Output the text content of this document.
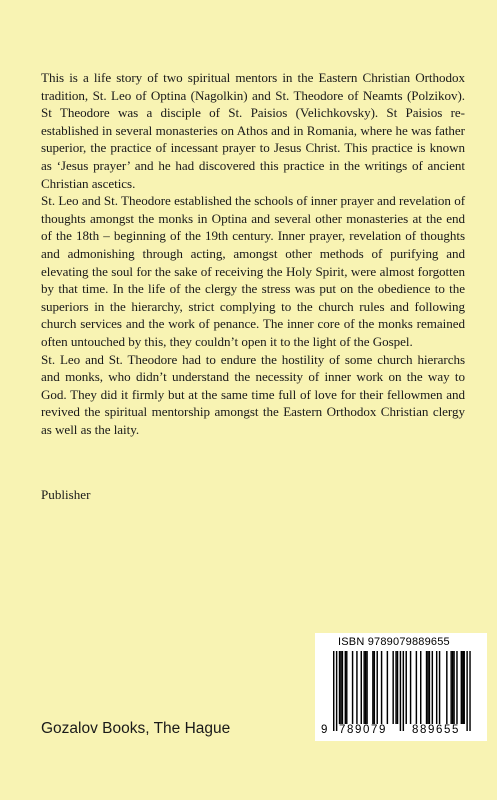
This is a life story of two spiritual mentors in the Eastern Christian Orthodox tradition, St. Leo of Optina (Nagolkin) and St. Theodore of Neamts (Polzikov). St Theodore was a disciple of St. Paisios (Velichkovsky). St Paisios re-established in several monasteries on Athos and in Romania, where he was father superior, the practice of incessant prayer to Jesus Christ. This practice is known as ‘Jesus prayer’ and he had discovered this practice in the writings of ancient Christian ascetics.

St. Leo and St. Theodore established the schools of inner prayer and revelation of thoughts amongst the monks in Optina and several other monasteries at the end of the 18th – beginning of the 19th century. Inner prayer, revelation of thoughts and admonishing through acting, amongst other methods of purifying and elevating the soul for the sake of receiving the Holy Spirit, were almost forgotten by that time. In the life of the clergy the stress was put on the obedience to the superiors in the hierarchy, strict complying to the church rules and following church services and the work of penance. The inner core of the monks remained often untouched by this, they couldn’t open it to the light of the Gospel.

St. Leo and St. Theodore had to endure the hostility of some church hierarchs and monks, who didn’t understand the necessity of inner work on the way to God. They did it firmly but at the same time full of love for their fellowmen and revived the spiritual mentorship amongst the Eastern Orthodox Christian clergy as well as the laity.

Publisher
ISBN 9789079889655
9 789079 889655
Gozalov Books, The Hague
